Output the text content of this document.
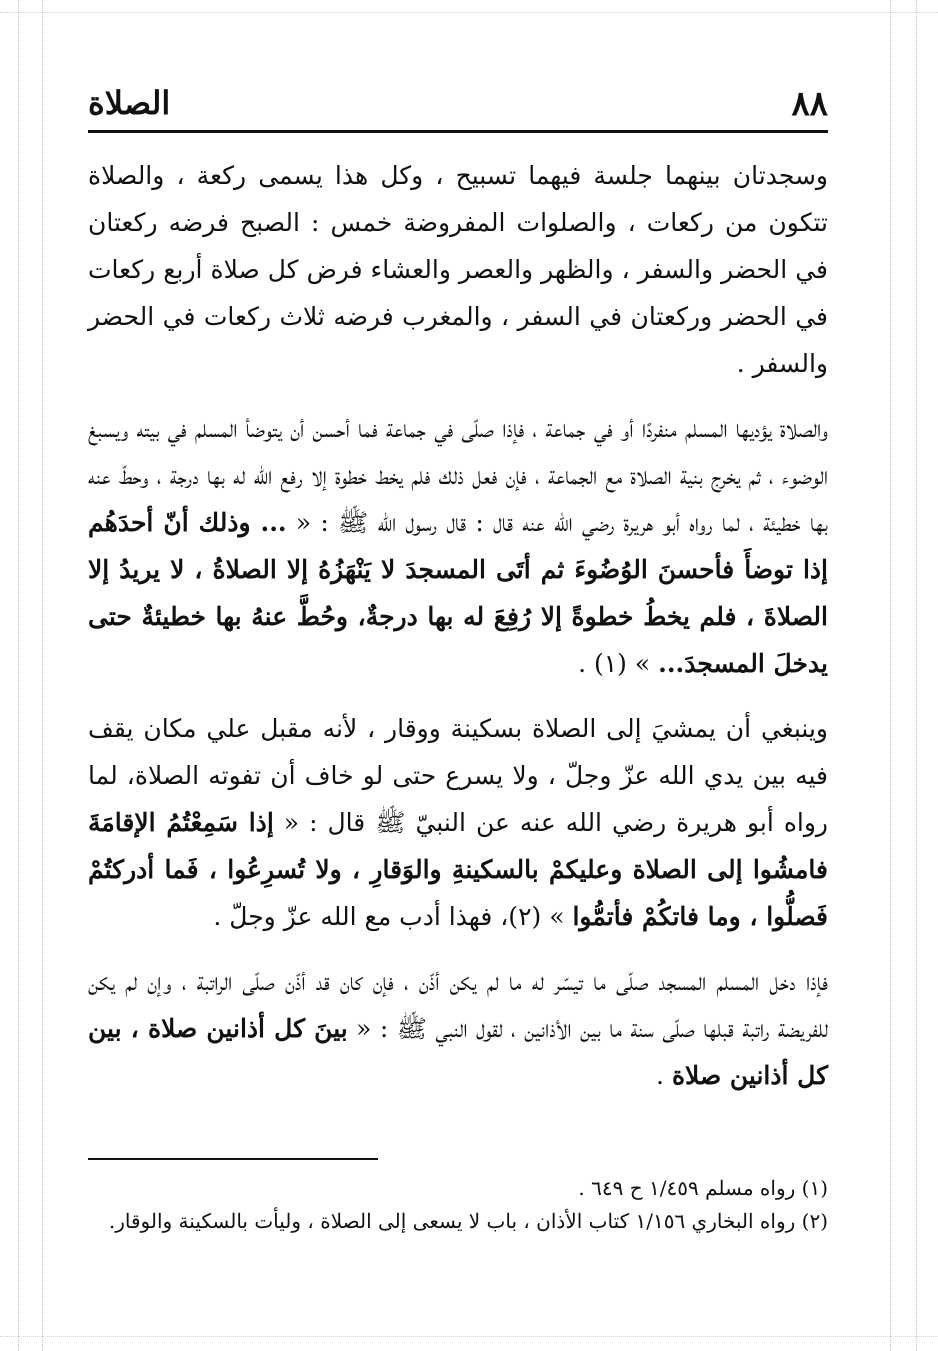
٨٨
الصلاة

وسجدتان بينهما جلسة فيهما تسبيح ، وكل هذا يسمى ركعة ، والصلاة تتكون من ركعات ، والصلوات المفروضة خمس : الصبح فرضه ركعتان في الحضر والسفر ، والظهر والعصر والعشاء فرض كل صلاة أربع ركعات في الحضر وركعتان في السفر ، والمغرب فرضه ثلاث ركعات في الحضر والسفر .

والصلاة يؤديها المسلم منفردًا أو في جماعة ، فإذا صلّى في جماعة فما أحسن أن يتوضأ المسلم في بيته ويسبغ الوضوء ، ثم يخرج بنية الصلاة مع الجماعة ، فإن فعل ذلك فلم يخط خطوة إلا رفع الله له بها درجة ، وحطّ عنه بها خطيئة ، لما رواه أبو هريرة رضي الله عنه قال : قال رسول الله ﷺ : « ... وذلك أنّ أحدَهُم إذا توضأَ فأحسنَ الوُضُوءَ ثم أتَى المسجدَ لا يَنْهَزُهُ إلا الصلاةُ ، لا يريدُ إلا الصلاةَ ، فلم يخطُ خطوةً إلا رُفِعَ له بها درجةٌ، وحُطَّ عنهُ بها خطيئةٌ حتى يدخلَ المسجدَ... » (١) .

وينبغي أن يمشيَ إلى الصلاة بسكينة ووقار ، لأنه مقبل علي مكان يقف فيه بين يدي الله عزّ وجلّ ، ولا يسرع حتى لو خاف أن تفوته الصلاة، لما رواه أبو هريرة رضي الله عنه عن النبيّ ﷺ قال : « إذا سَمِعْتُمُ الإقامَةَ فامشُوا إلى الصلاة وعليكمْ بالسكينةِ والوَقارِ ، ولا تُسرِعُوا ، فَما أدركتُمْ فَصلُّوا ، وما فاتكُمْ فأتمُّوا » (٢)، فهذا أدب مع الله عزّ وجلّ .

فإذا دخل المسلم المسجد صلّى ما تيسّر له ما لم يكن أذّن ، فإن كان قد أذّن صلّى الراتبة ، وإن لم يكن للفريضة راتبة قبلها صلّى سنة ما بين الأذانين ، لقول النبي ﷺ : « بينَ كل أذانين صلاة ، بين كل أذانين صلاة .

(١) رواه مسلم ١/٤٥٩ ح ٦٤٩ .

(٢) رواه البخاري ١/١٥٦ كتاب الأذان ، باب لا يسعى إلى الصلاة ، وليأت بالسكينة والوقار.
